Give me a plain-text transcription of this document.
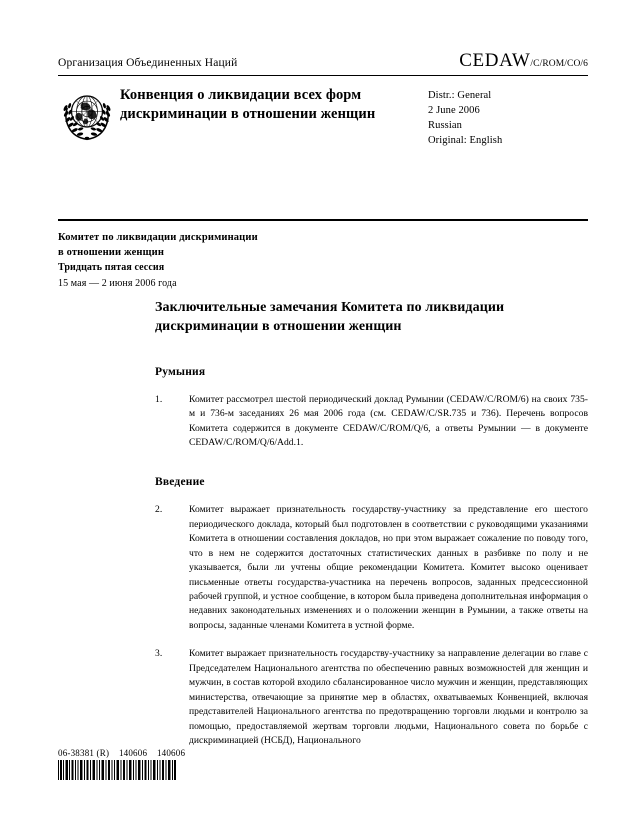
Организация Объединенных Наций	CEDAW/C/ROM/CO/6
Конвенция о ликвидации всех форм дискриминации в отношении женщин
Distr.: General
2 June 2006
Russian
Original: English
Комитет по ликвидации дискриминации
в отношении женщин
Тридцать пятая сессия
15 мая — 2 июня 2006 года
Заключительные замечания Комитета по ликвидации дискриминации в отношении женщин
Румыния
1.	Комитет рассмотрел шестой периодический доклад Румынии (CEDAW/C/ROM/6) на своих 735-м и 736-м заседаниях 26 мая 2006 года (см. CEDAW/C/SR.735 и 736). Перечень вопросов Комитета содержится в документе CEDAW/C/ROM/Q/6, а ответы Румынии — в документе CEDAW/C/ROM/Q/6/Add.1.
Введение
2.	Комитет выражает признательность государству-участнику за представление его шестого периодического доклада, который был подготовлен в соответствии с руководящими указаниями Комитета в отношении составления докладов, но при этом выражает сожаление по поводу того, что в нем не содержится достаточных статистических данных в разбивке по полу и не указывается, были ли учтены общие рекомендации Комитета. Комитет высоко оценивает письменные ответы государства-участника на перечень вопросов, заданных предсессионной рабочей группой, и устное сообщение, в котором была приведена дополнительная информация о недавних законодательных изменениях и о положении женщин в Румынии, а также ответы на вопросы, заданные членами Комитета в устной форме.
3.	Комитет выражает признательность государству-участнику за направление делегации во главе с Председателем Национального агентства по обеспечению равных возможностей для женщин и мужчин, в состав которой входило сбалансированное число мужчин и женщин, представляющих министерства, отвечающие за принятие мер в областях, охватываемых Конвенцией, включая представителей Национального агентства по предотвращению торговли людьми и контролю за помощью, предоставляемой жертвам торговли людьми, Национального совета по борьбе с дискриминацией (НСБД), Национального
06-38381 (R)    140606    140606
